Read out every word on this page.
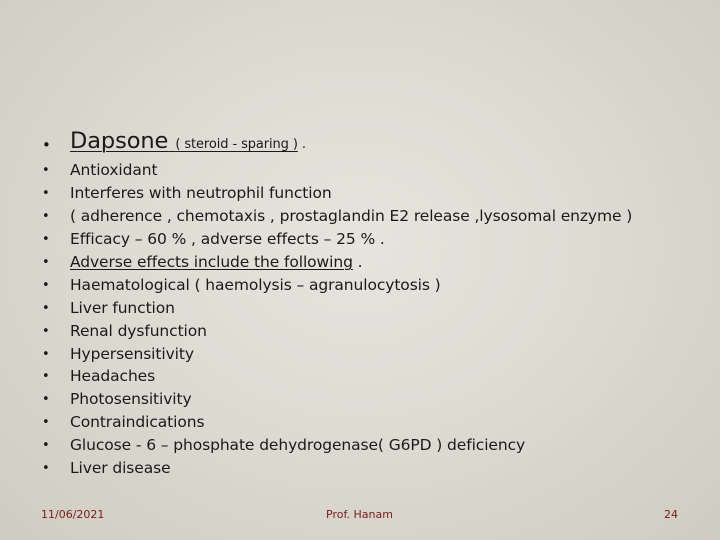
• Dapsone ( steroid - sparing ) .
• Antioxidant
• Interferes with neutrophil function
• ( adherence , chemotaxis , prostaglandin E2 release ,lysosomal enzyme )
• Efficacy – 60 % , adverse effects – 25 % .
• Adverse effects include the following .
• Haematological ( haemolysis – agranulocytosis )
• Liver function
• Renal dysfunction
• Hypersensitivity
• Headaches
• Photosensitivity
• Contraindications
• Glucose - 6 – phosphate dehydrogenase( G6PD ) deficiency
• Liver disease
11/06/2021	Prof. Hanam	24
